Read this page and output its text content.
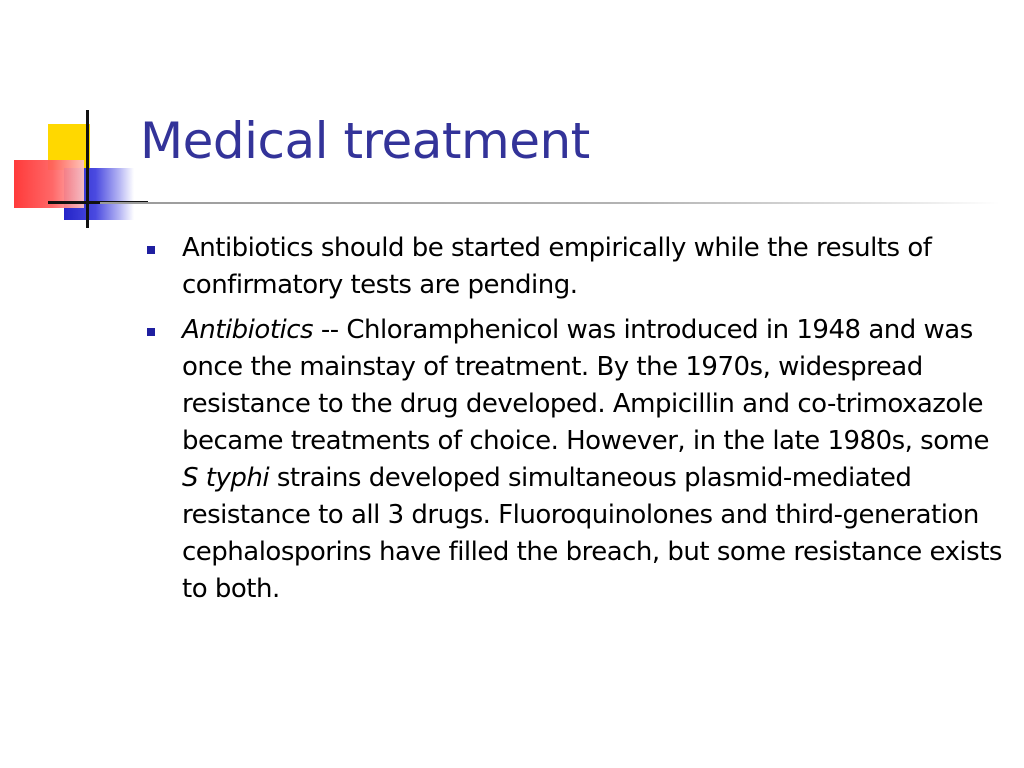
Medical treatment
Antibiotics should be started empirically while the results of confirmatory tests are pending.
Antibiotics -- Chloramphenicol was introduced in 1948 and was once the mainstay of treatment. By the 1970s, widespread resistance to the drug developed. Ampicillin and co-trimoxazole became treatments of choice. However, in the late 1980s, some S typhi strains developed simultaneous plasmid-mediated resistance to all 3 drugs. Fluoroquinolones and third-generation cephalosporins have filled the breach, but some resistance exists to both.
